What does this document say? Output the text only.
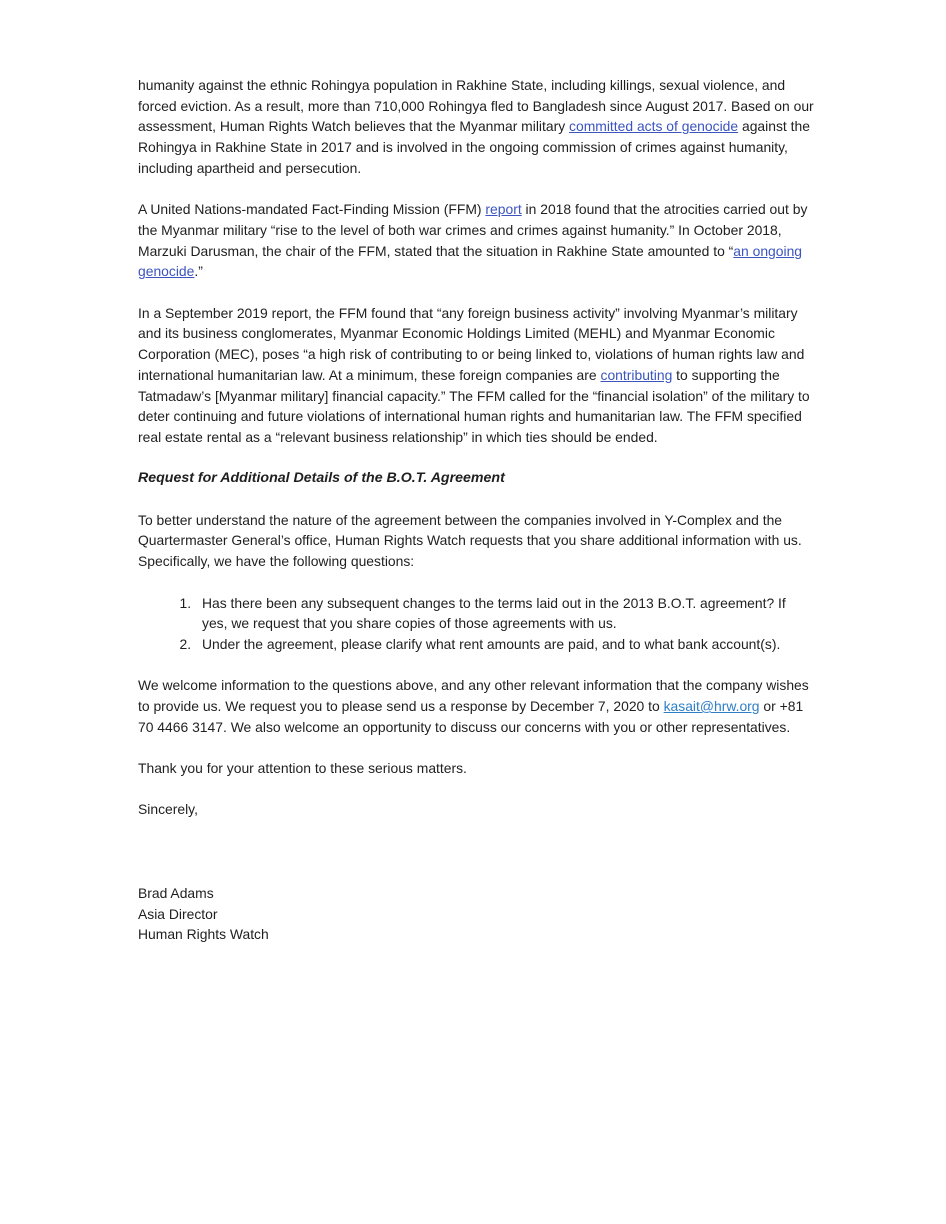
humanity against the ethnic Rohingya population in Rakhine State, including killings, sexual violence, and forced eviction. As a result, more than 710,000 Rohingya fled to Bangladesh since August 2017. Based on our assessment, Human Rights Watch believes that the Myanmar military committed acts of genocide against the Rohingya in Rakhine State in 2017 and is involved in the ongoing commission of crimes against humanity, including apartheid and persecution.

A United Nations-mandated Fact-Finding Mission (FFM) report in 2018 found that the atrocities carried out by the Myanmar military “rise to the level of both war crimes and crimes against humanity.” In October 2018, Marzuki Darusman, the chair of the FFM, stated that the situation in Rakhine State amounted to “an ongoing genocide.”

In a September 2019 report, the FFM found that “any foreign business activity” involving Myanmar’s military and its business conglomerates, Myanmar Economic Holdings Limited (MEHL) and Myanmar Economic Corporation (MEC), poses “a high risk of contributing to or being linked to, violations of human rights law and international humanitarian law. At a minimum, these foreign companies are contributing to supporting the Tatmadaw’s [Myanmar military] financial capacity.” The FFM called for the “financial isolation” of the military to deter continuing and future violations of international human rights and humanitarian law. The FFM specified real estate rental as a “relevant business relationship” in which ties should be ended.

Request for Additional Details of the B.O.T. Agreement

To better understand the nature of the agreement between the companies involved in Y-Complex and the Quartermaster General’s office, Human Rights Watch requests that you share additional information with us. Specifically, we have the following questions:

1. Has there been any subsequent changes to the terms laid out in the 2013 B.O.T. agreement? If yes, we request that you share copies of those agreements with us.
2. Under the agreement, please clarify what rent amounts are paid, and to what bank account(s).

We welcome information to the questions above, and any other relevant information that the company wishes to provide us. We request you to please send us a response by December 7, 2020 to kasait@hrw.org or +81 70 4466 3147. We also welcome an opportunity to discuss our concerns with you or other representatives.

Thank you for your attention to these serious matters.

Sincerely,

Brad Adams
Asia Director
Human Rights Watch
